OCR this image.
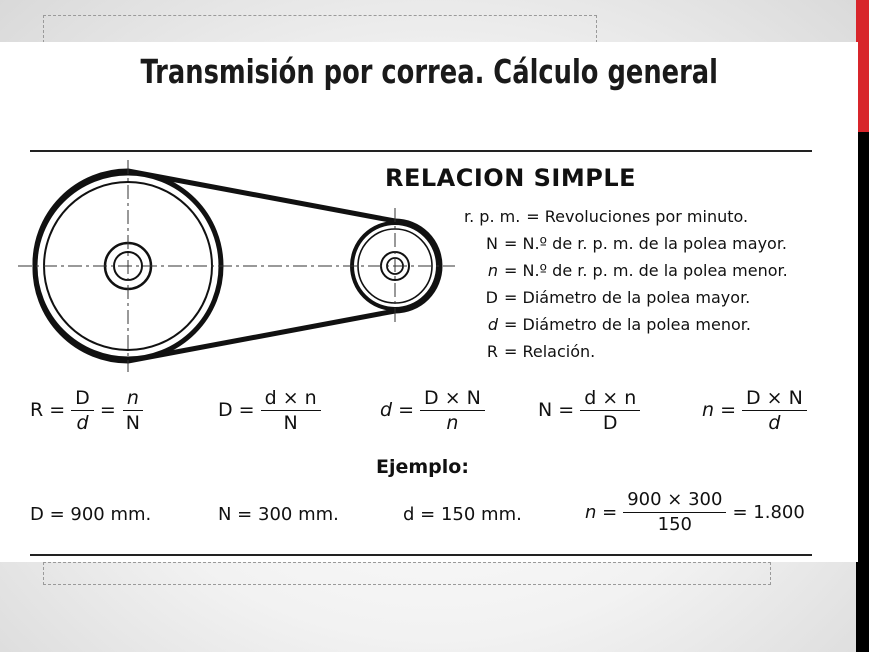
Transmisión por correa. Cálculo general
RELACION SIMPLE
r. p. m. = Revoluciones por minuto.
N = N.º de r. p. m. de la polea mayor.
n = N.º de r. p. m. de la polea menor.
D = Diámetro de la polea mayor.
d = Diámetro de la polea menor.
R = Relación.
$R = \frac{D}{d} = \frac{n}{N}$	$D = \frac{d \times n}{N}$	$d = \frac{D \times N}{n}$	$N = \frac{d \times n}{D}$	$n = \frac{D \times N}{d}$
Ejemplo:
D = 900 mm.	N = 300 mm.	d = 150 mm.	$n = \frac{900 \times 300}{150} = 1.800$
